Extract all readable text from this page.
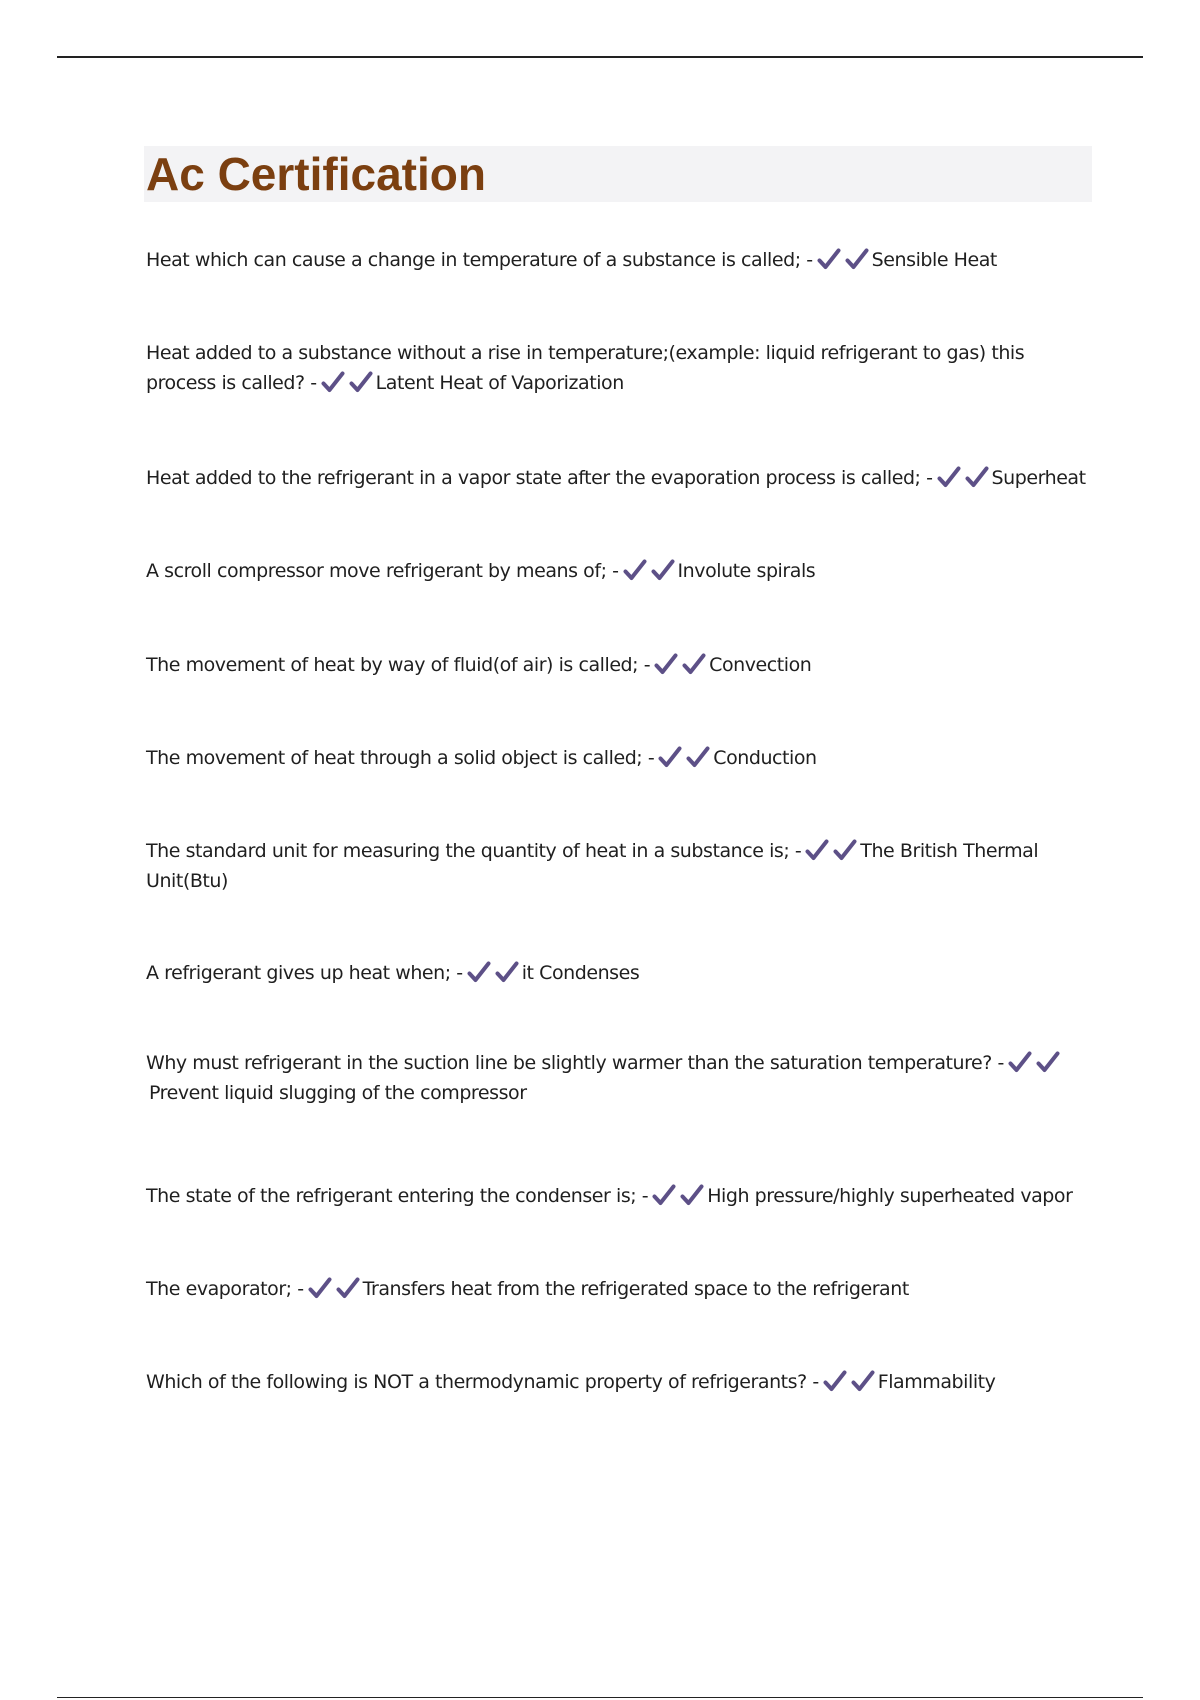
Ac Certification
Heat which can cause a change in temperature of a substance is called; -	Sensible Heat
Heat added to a substance without a rise in temperature;(example: liquid refrigerant to gas) this process is called? -	Latent Heat of Vaporization
Heat added to the refrigerant in a vapor state after the evaporation process is called; -	Superheat
A scroll compressor move refrigerant by means of; -	Involute spirals
The movement of heat by way of fluid(of air) is called; -	Convection
The movement of heat through a solid object is called; -	Conduction
The standard unit for measuring the quantity of heat in a substance is; -	The British Thermal Unit(Btu)
A refrigerant gives up heat when; -	it Condenses
Why must refrigerant in the suction line be slightly warmer than the saturation temperature? -
Prevent liquid slugging of the compressor
The state of the refrigerant entering the condenser is; -	High pressure/highly superheated vapor
The evaporator; -	Transfers heat from the refrigerated space to the refrigerant
Which of the following is NOT a thermodynamic property of refrigerants? -	Flammability
